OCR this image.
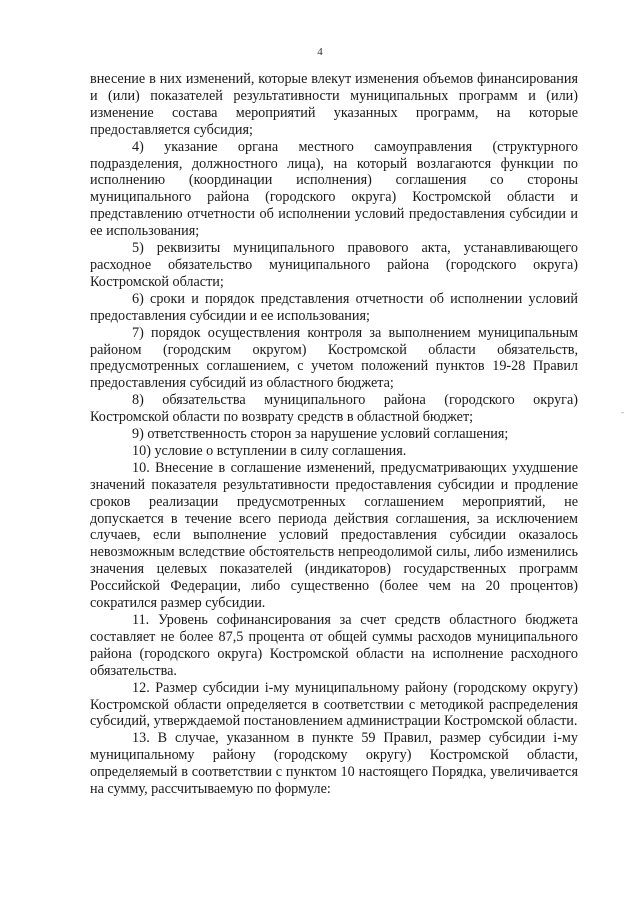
4

внесение в них изменений, которые влекут изменения объемов финансирования и (или) показателей результативности муниципальных программ и (или) изменение состава мероприятий указанных программ, на которые предоставляется субсидия;

4) указание органа местного самоуправления (структурного подразделения, должностного лица), на который возлагаются функции по исполнению (координации исполнения) соглашения со стороны муниципального района (городского округа) Костромской области и представлению отчетности об исполнении условий предоставления субсидии и ее использования;

5) реквизиты муниципального правового акта, устанавливающего расходное обязательство муниципального района (городского округа) Костромской области;

6) сроки и порядок представления отчетности об исполнении условий предоставления субсидии и ее использования;

7) порядок осуществления контроля за выполнением муниципальным районом (городским округом) Костромской области обязательств, предусмотренных соглашением, с учетом положений пунктов 19-28 Правил предоставления субсидий из областного бюджета;

8) обязательства муниципального района (городского округа) Костромской области по возврату средств в областной бюджет;

9) ответственность сторон за нарушение условий соглашения;

10) условие о вступлении в силу соглашения.

10. Внесение в соглашение изменений, предусматривающих ухудшение значений показателя результативности предоставления субсидии и продление сроков реализации предусмотренных соглашением мероприятий, не допускается в течение всего периода действия соглашения, за исключением случаев, если выполнение условий предоставления субсидии оказалось невозможным вследствие обстоятельств непреодолимой силы, либо изменились значения целевых показателей (индикаторов) государственных программ Российской Федерации, либо существенно (более чем на 20 процентов) сократился размер субсидии.

11. Уровень софинансирования за счет средств областного бюджета составляет не более 87,5 процента от общей суммы расходов муниципального района (городского округа) Костромской области на исполнение расходного обязательства.

12. Размер субсидии i-му муниципальному району (городскому округу) Костромской области определяется в соответствии с методикой распределения субсидий, утверждаемой постановлением администрации Костромской области.

13. В случае, указанном в пункте 59 Правил, размер субсидии i-му муниципальному району (городскому округу) Костромской области, определяемый в соответствии с пунктом 10 настоящего Порядка, увеличивается на сумму, рассчитываемую по формуле:

-
